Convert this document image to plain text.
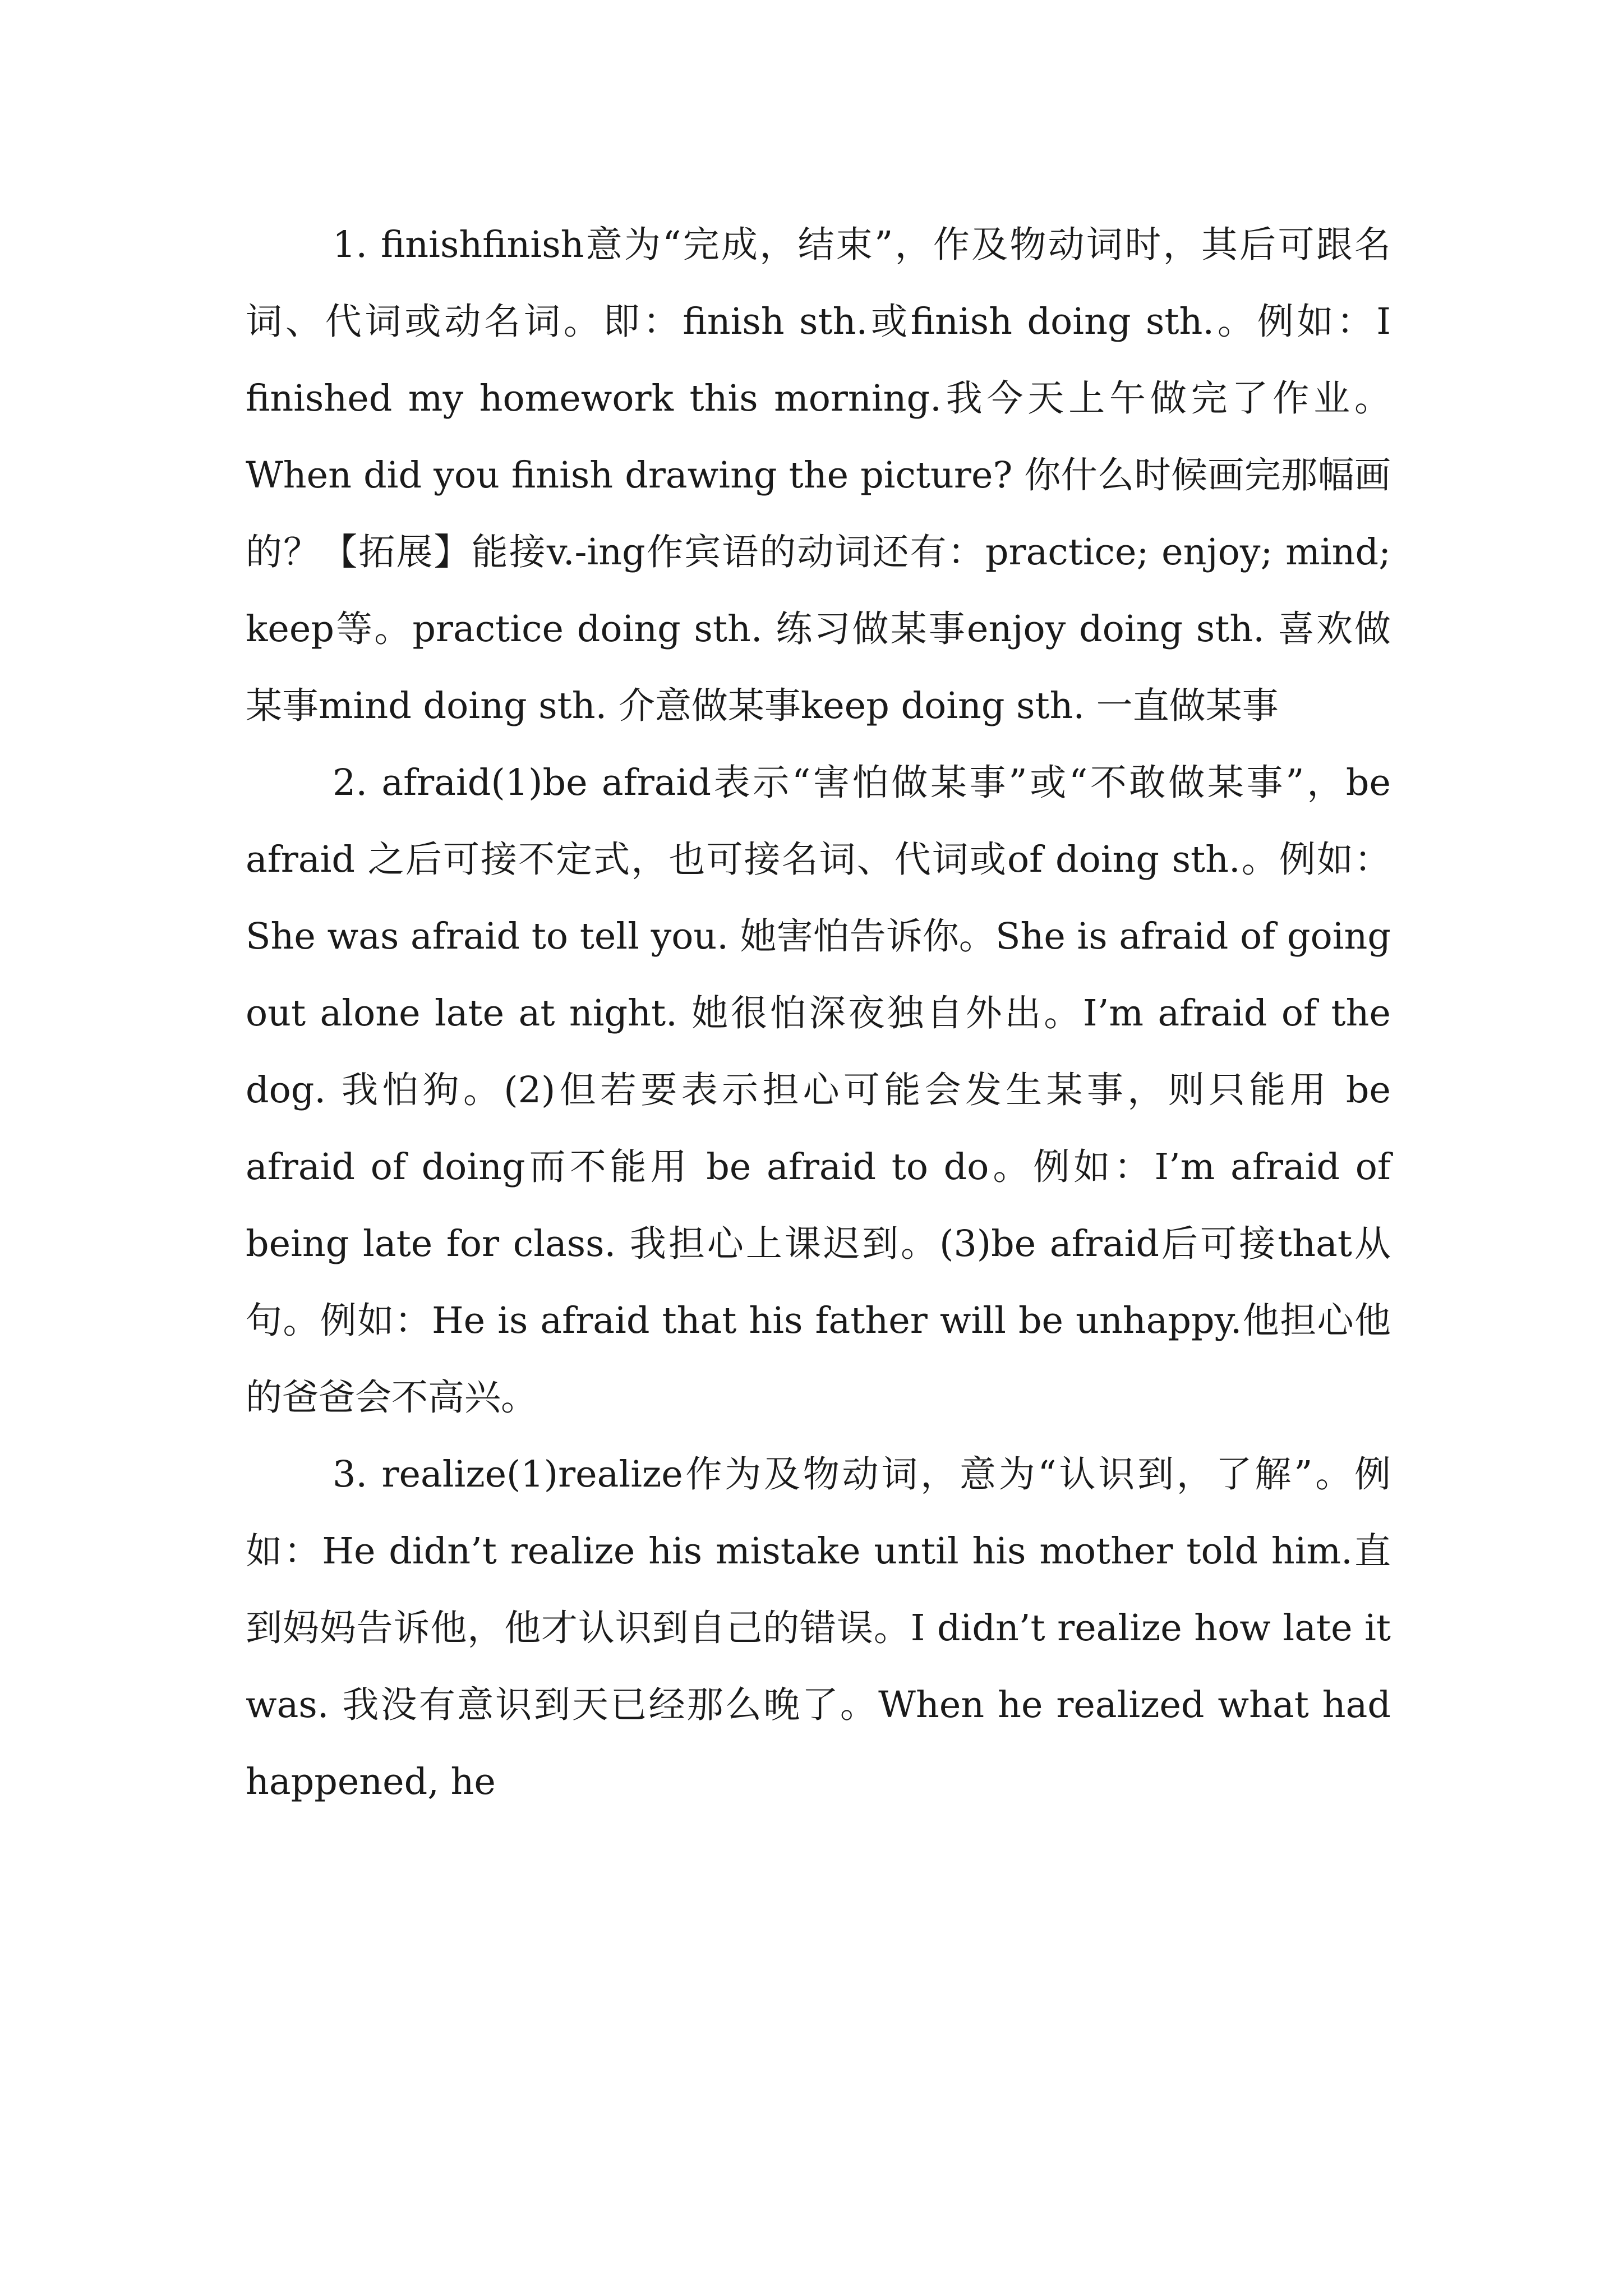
1. finishfinish意为“完成，结束”，作及物动词时，其后可跟名词、代词或动名词。即：finish sth.或finish doing sth.。例如：I finished my homework this morning.我今天上午做完了作业。When did you finish drawing the picture? 你什么时候画完那幅画的？【拓展】能接v.-ing作宾语的动词还有：practice; enjoy; mind; keep等。practice doing sth. 练习做某事enjoy doing sth. 喜欢做某事mind doing sth. 介意做某事keep doing sth. 一直做某事

2. afraid(1)be afraid表示“害怕做某事”或“不敢做某事”，be afraid 之后可接不定式，也可接名词、代词或of doing sth.。例如：She was afraid to tell you. 她害怕告诉你。She is afraid of going out alone late at night. 她很怕深夜独自外出。I’m afraid of the dog. 我怕狗。(2)但若要表示担心可能会发生某事，则只能用 be afraid of doing而不能用 be afraid to do。例如：I’m afraid of being late for class. 我担心上课迟到。(3)be afraid后可接that从句。例如：He is afraid that his father will be unhappy.他担心他的爸爸会不高兴。

3. realize(1)realize作为及物动词，意为“认识到，了解”。例如：He didn’t realize his mistake until his mother told him.直到妈妈告诉他，他才认识到自己的错误。I didn’t realize how late it was. 我没有意识到天已经那么晚了。When he realized what had happened, he
